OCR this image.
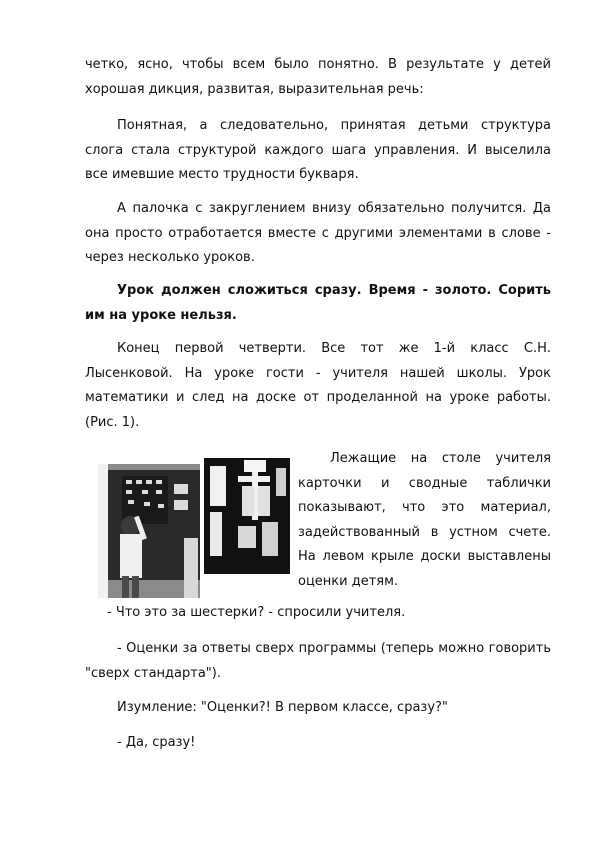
четко, ясно, чтобы всем было понятно. В результате у детей хорошая дикция, развитая, выразительная речь:

Понятная, а следовательно, принятая детьми структура слога стала структурой каждого шага управления. И выселила все имевшие место трудности букваря.

А палочка с закруглением внизу обязательно получится. Да она просто отработается вместе с другими элементами в слове - через несколько уроков.

Урок должен сложиться сразу. Время - золото. Сорить им на уроке нельзя.

Конец первой четверти. Все тот же 1-й класс С.Н. Лысенковой. На уроке гости - учителя нашей школы. Урок математики и след на доске от проделанной на уроке работы. (Рис. 1).

Лежащие на столе учителя карточки и сводные таблички показывают, что это материал, задействованный в устном счете. На левом крыле доски выставлены оценки детям.

- Что это за шестерки? - спросили учителя.

- Оценки за ответы сверх программы (теперь можно говорить "сверх стандарта").

Изумление: "Оценки?! В первом классе, сразу?"

- Да, сразу!
